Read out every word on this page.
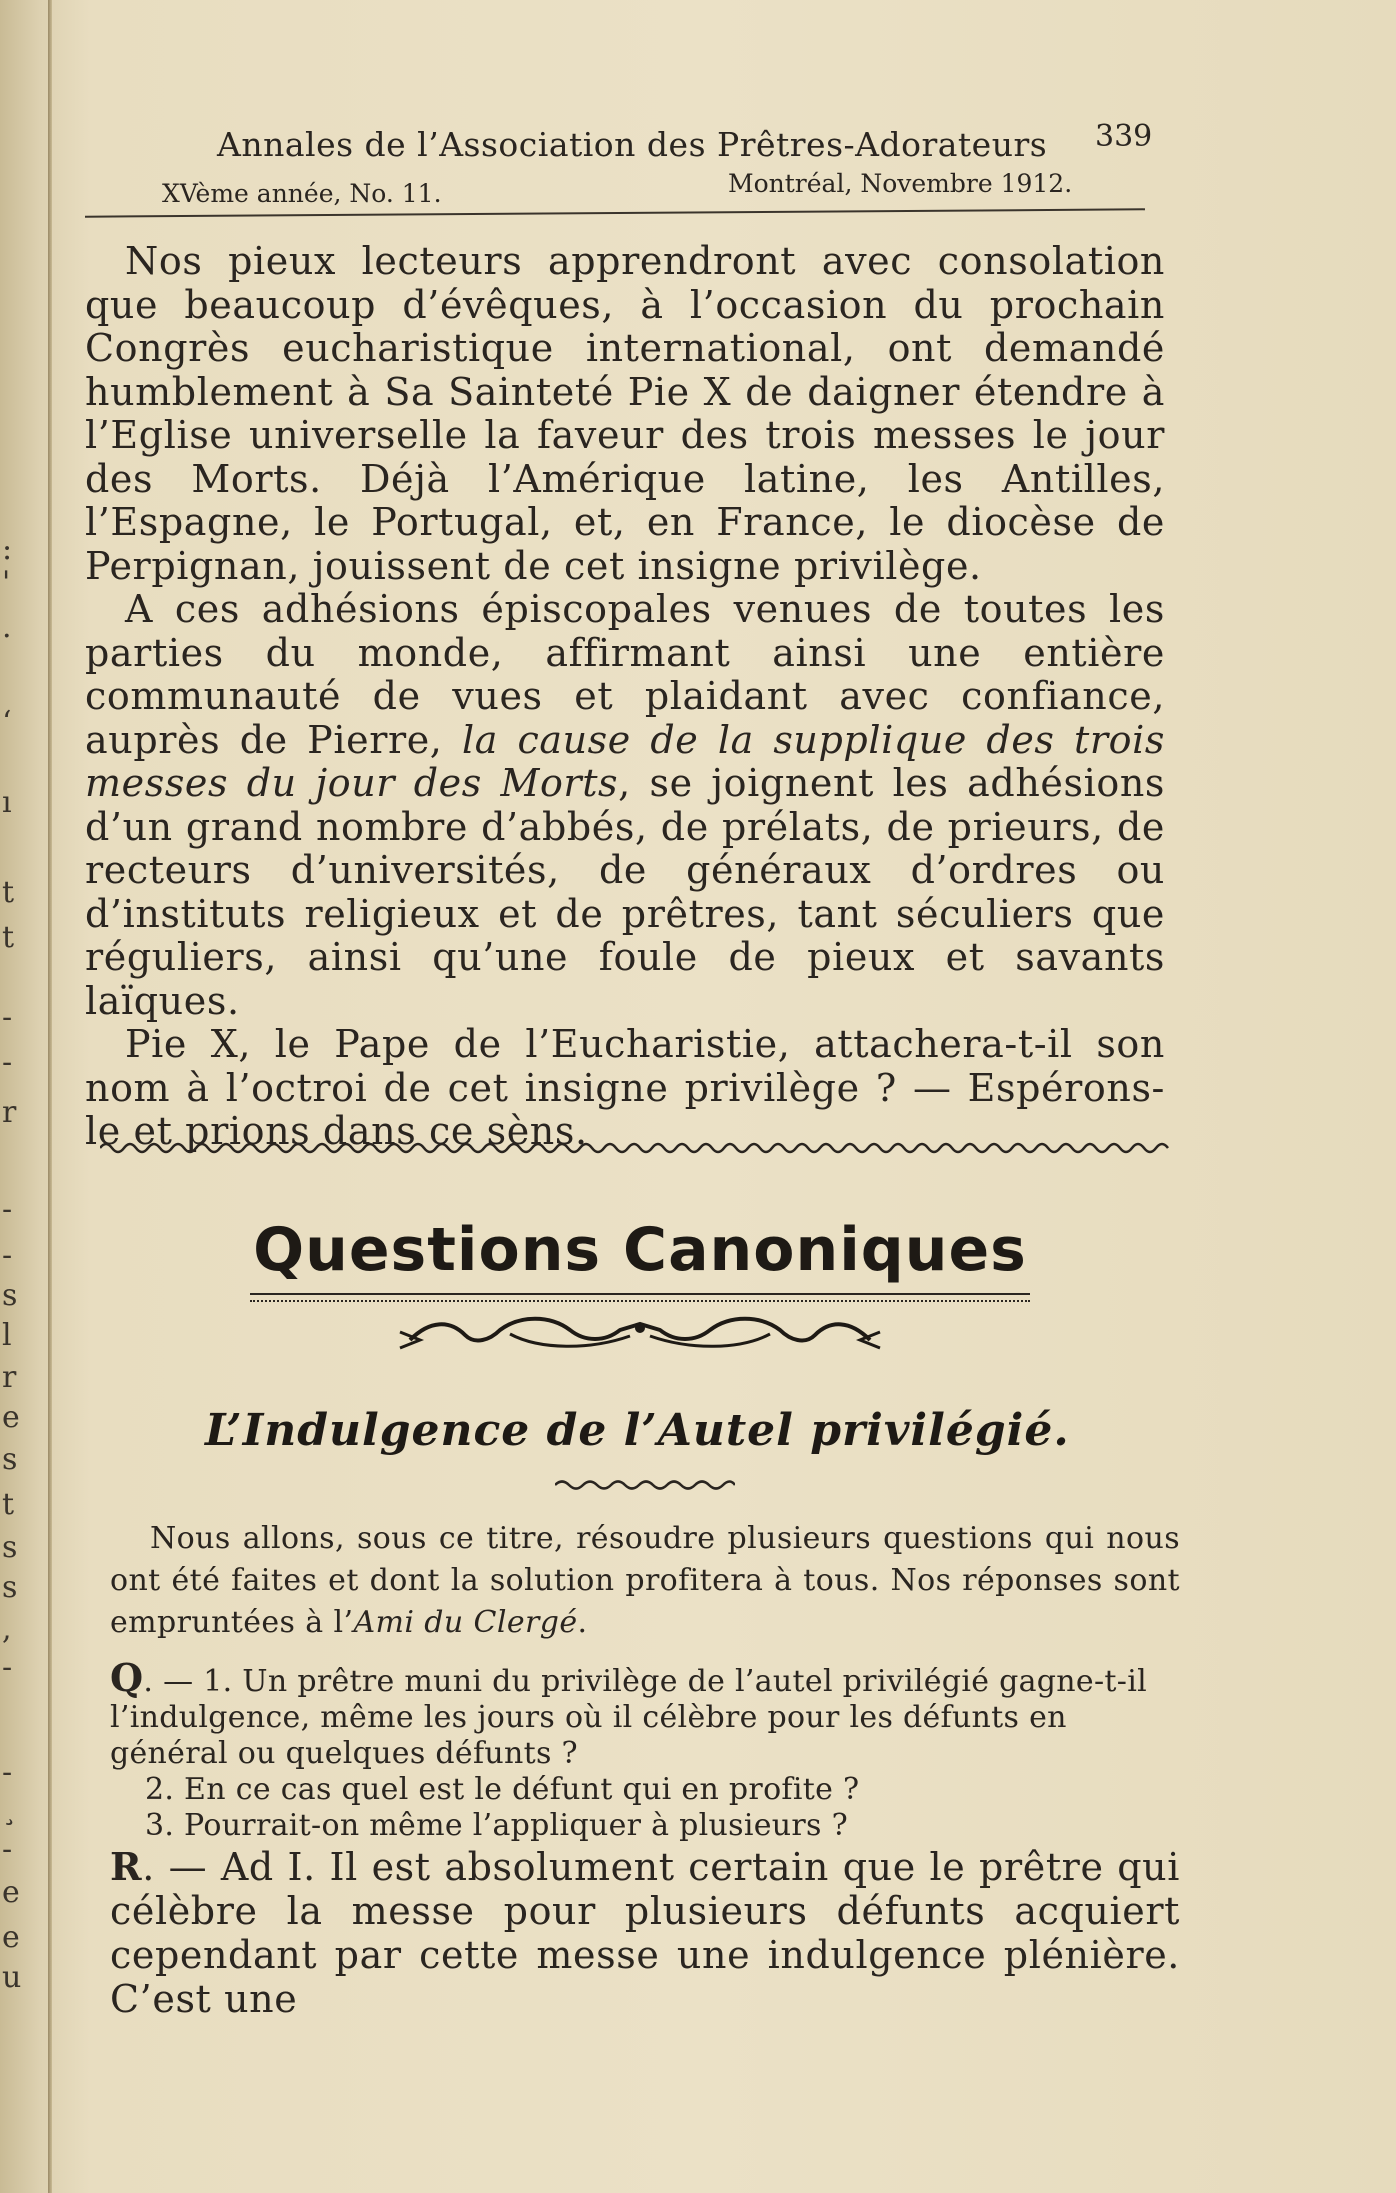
:
'
.
ʻ
ı
t
t
-
-
r
-
-
s
l
r
e
s
t
s
s
,
-
-
¸
-
e
e
u
Annales de l’Association des Prêtres-Adorateurs 339
XVème année, No. 11.	Montréal, Novembre 1912.

Nos pieux lecteurs apprendront avec consolation que beaucoup d’évêques, à l’occasion du prochain Congrès eucharistique international, ont demandé humblement à Sa Sainteté Pie X de daigner étendre à l’Eglise universelle la faveur des trois messes le jour des Morts. Déjà l’Amérique latine, les Antilles, l’Espagne, le Portugal, et, en France, le diocèse de Perpignan, jouissent de cet insigne privilège.

A ces adhésions épiscopales venues de toutes les parties du monde, affirmant ainsi une entière communauté de vues et plaidant avec confiance, auprès de Pierre, la cause de la supplique des trois messes du jour des Morts, se joignent les adhésions d’un grand nombre d’abbés, de prélats, de prieurs, de recteurs d’universités, de généraux d’ordres ou d’instituts religieux et de prêtres, tant séculiers que réguliers, ainsi qu’une foule de pieux et savants laïques.

Pie X, le Pape de l’Eucharistie, attachera-t-il son nom à l’octroi de cet insigne privilège ? — Espérons-le et prions dans ce sèns.

Questions Canoniques
L’Indulgence de l’Autel privilégié.

Nous allons, sous ce titre, résoudre plusieurs questions qui nous ont été faites et dont la solution profitera à tous. Nos réponses sont empruntées à l’Ami du Clergé.

Q. — 1. Un prêtre muni du privilège de l’autel privilégié gagne-t-il l’indulgence, même les jours où il célèbre pour les défunts en général ou quelques défunts ?

2. En ce cas quel est le défunt qui en profite ?

3. Pourrait-on même l’appliquer à plusieurs ?

R. — Ad I. Il est absolument certain que le prêtre qui célèbre la messe pour plusieurs défunts acquiert cependant par cette messe une indulgence plénière. C’est une
